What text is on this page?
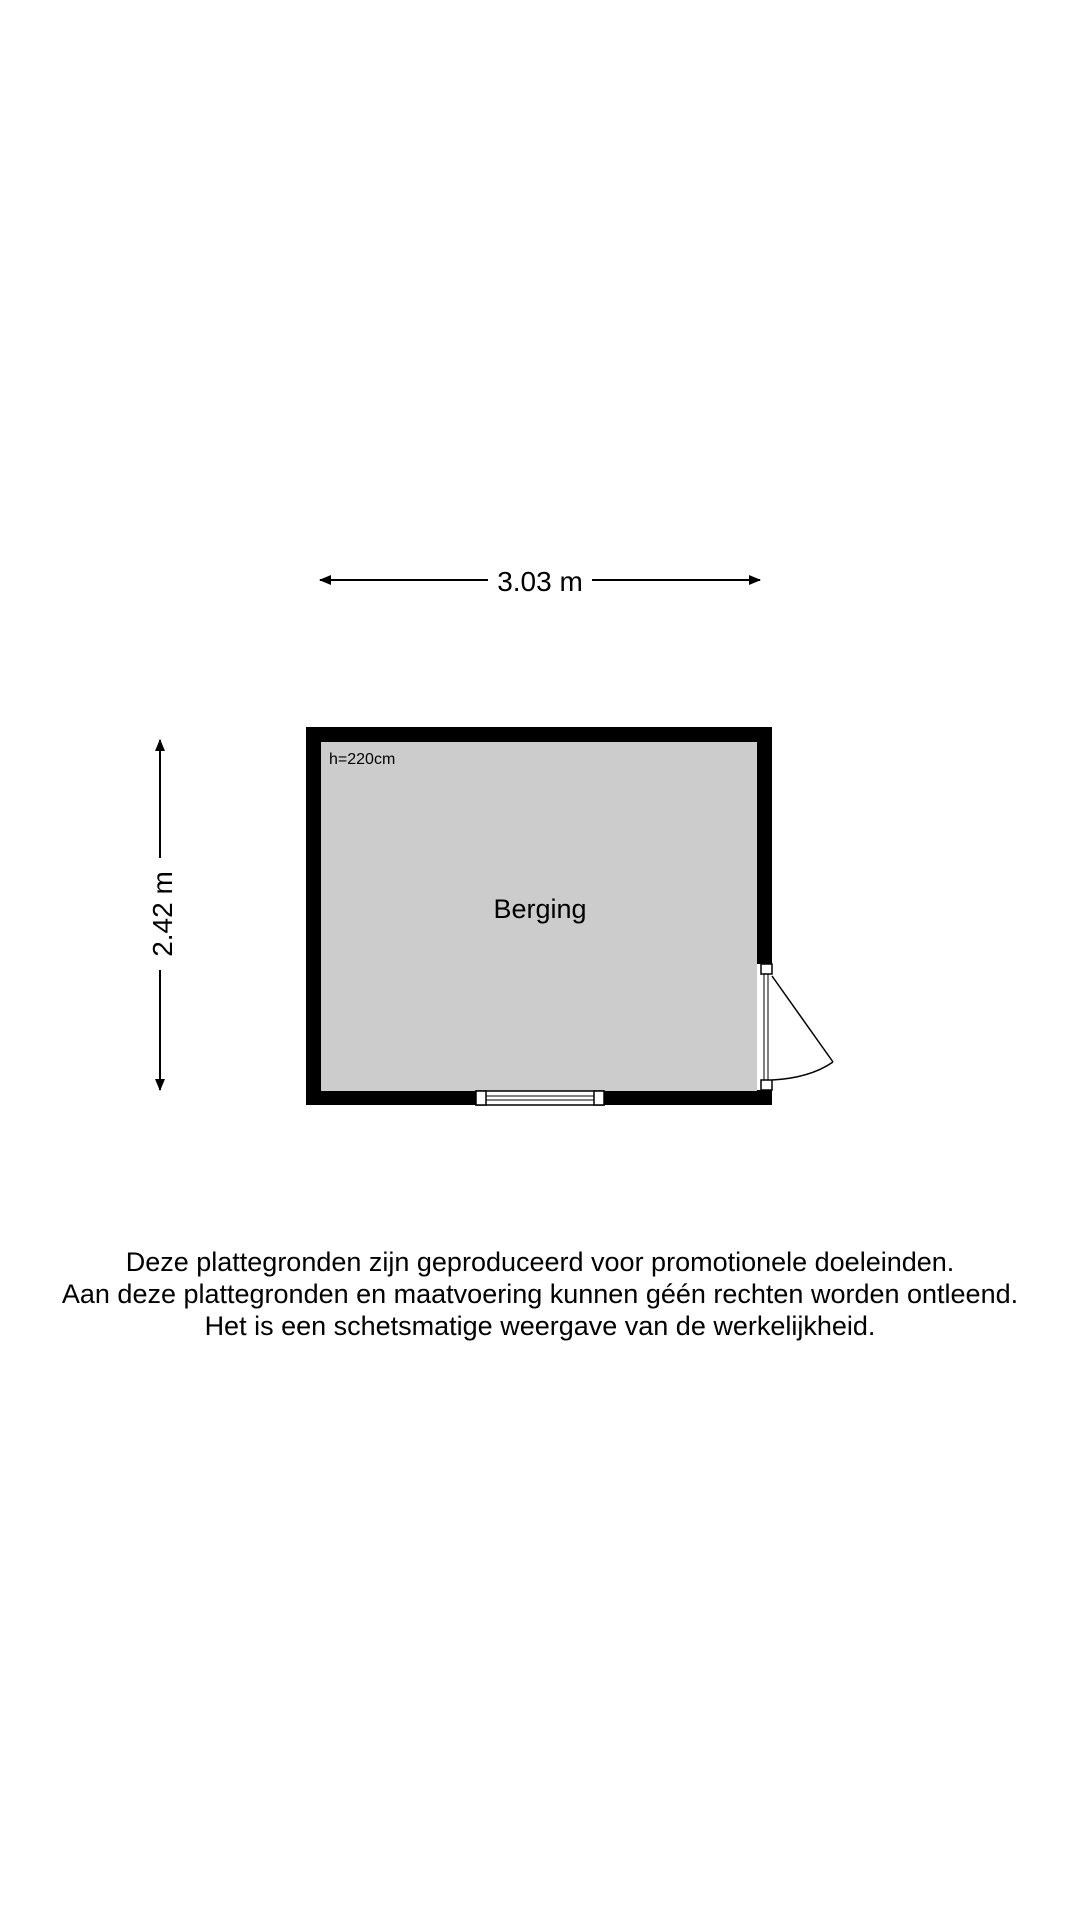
3.03 m
2.42 m
h=220cm
Berging
Deze plattegronden zijn geproduceerd voor promotionele doeleinden.
Aan deze plattegronden en maatvoering kunnen géén rechten worden ontleend.
Het is een schetsmatige weergave van de werkelijkheid.
